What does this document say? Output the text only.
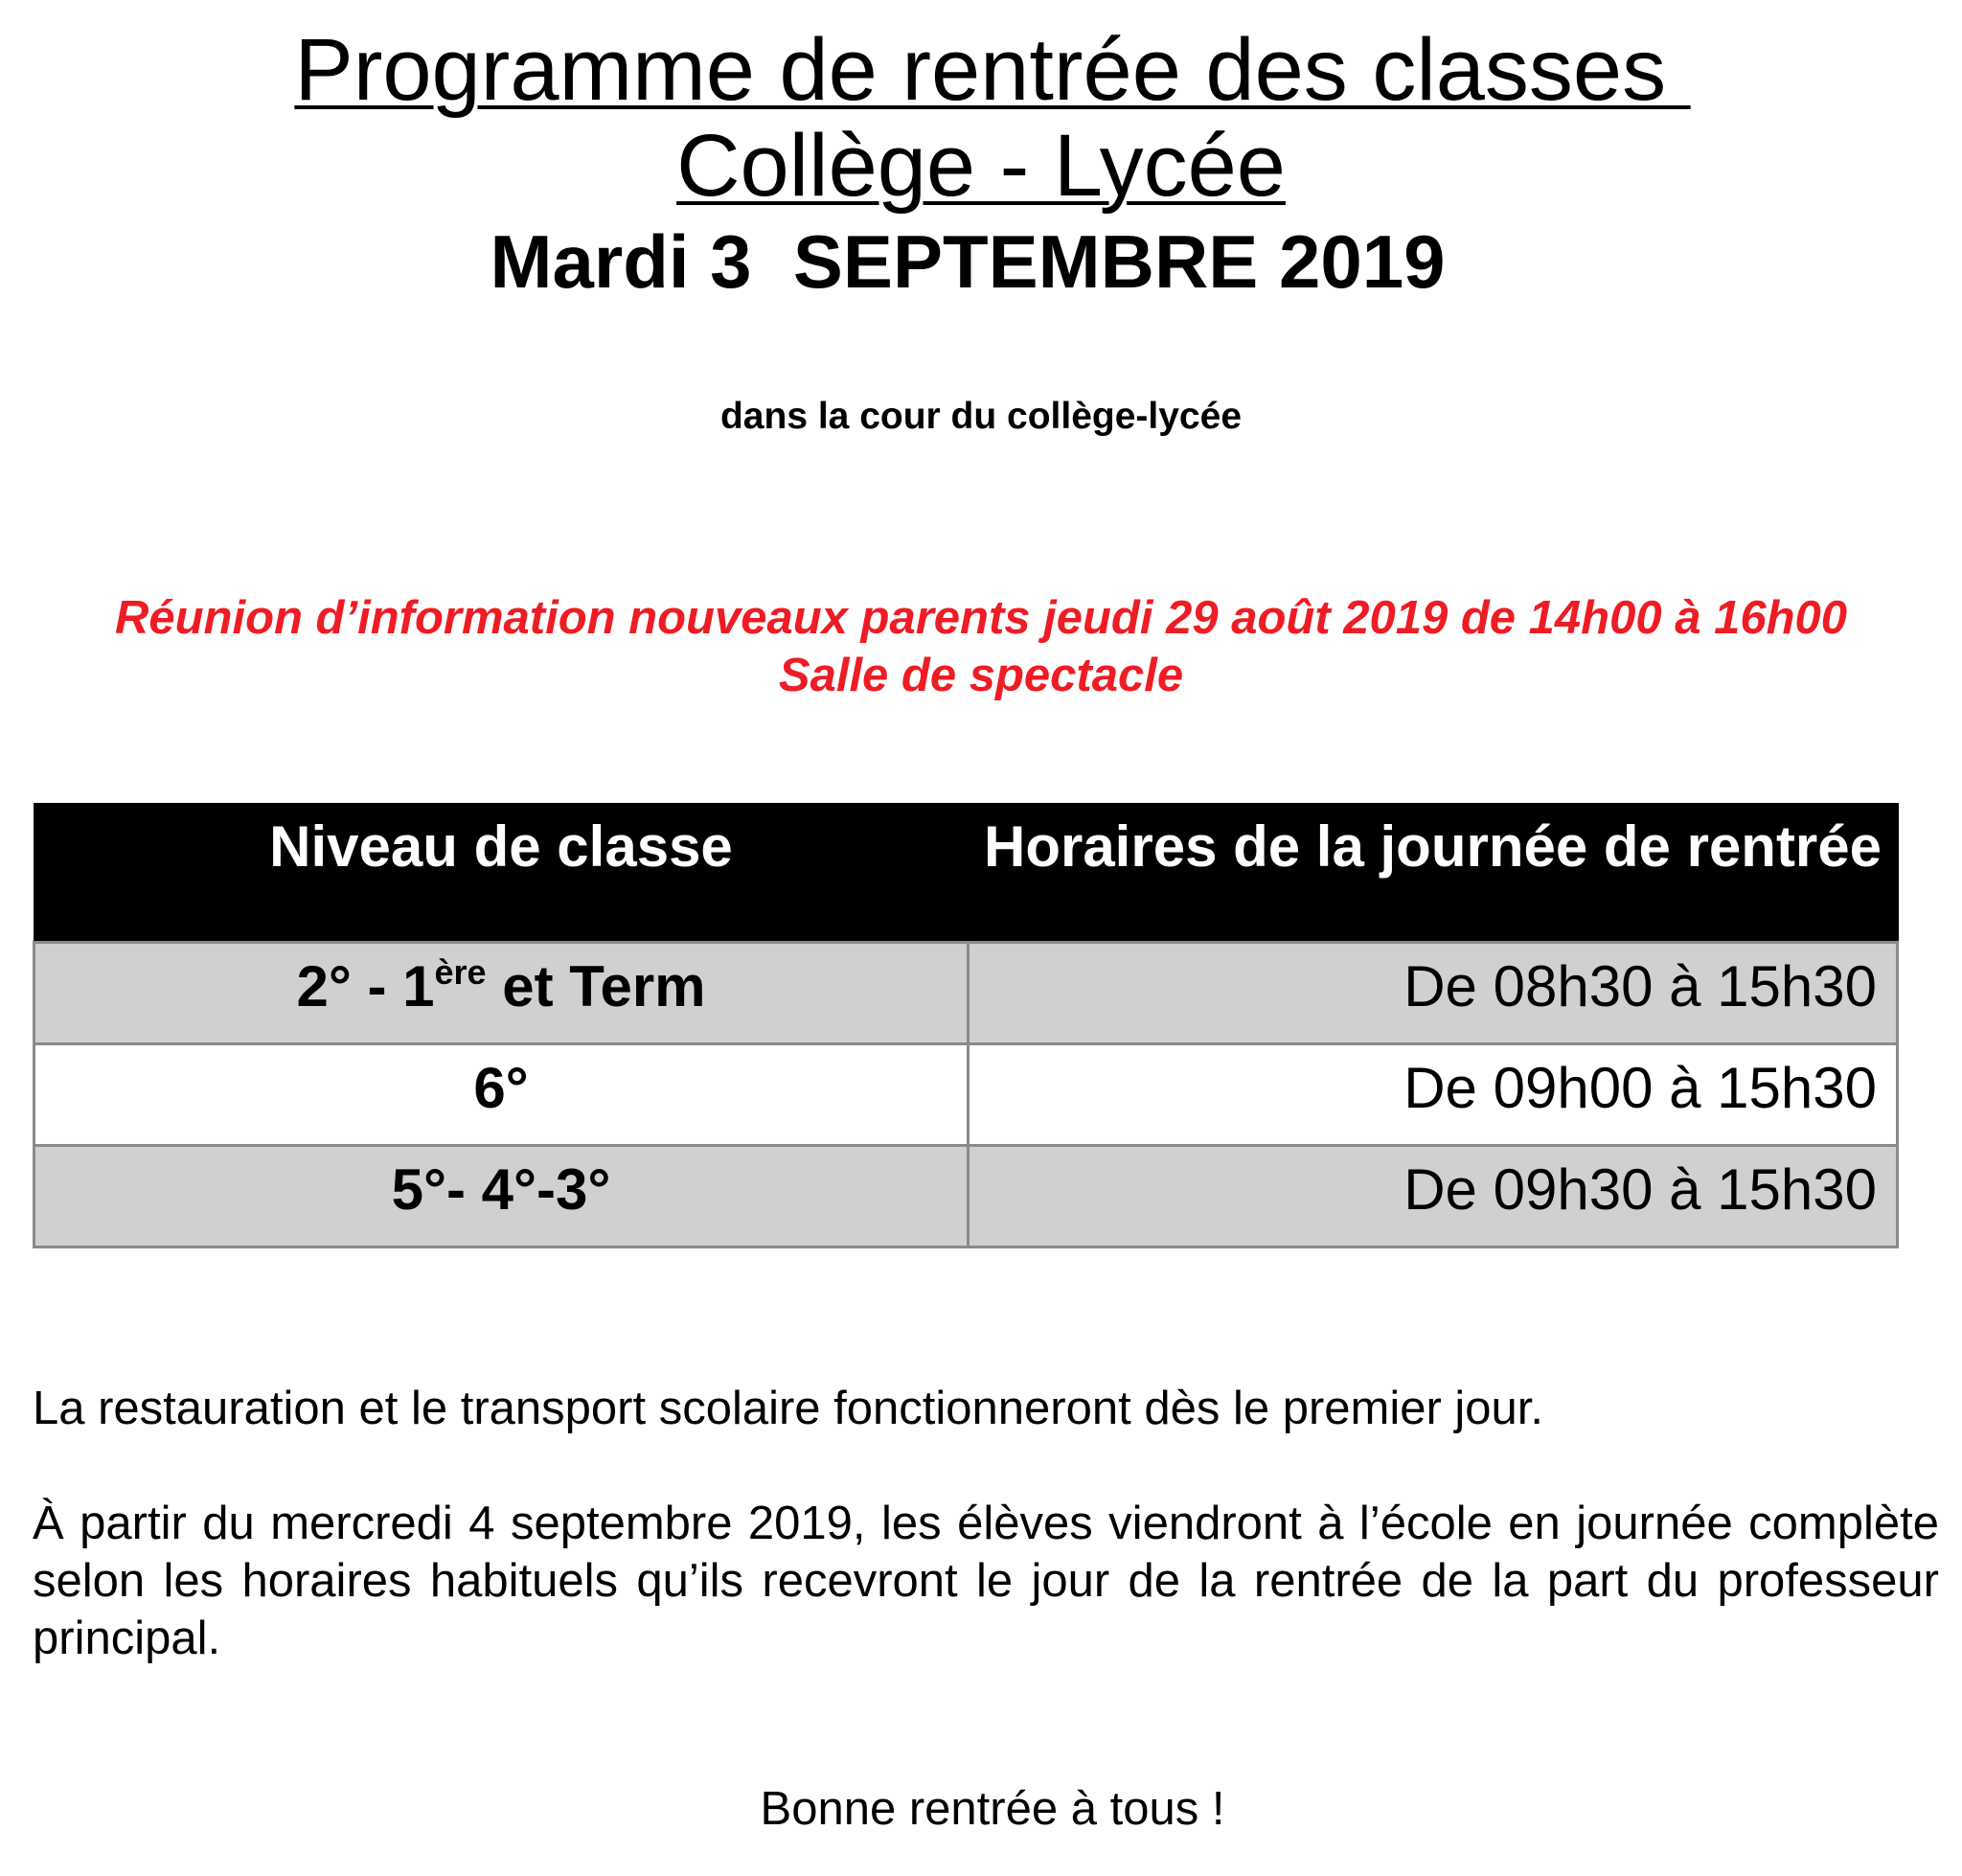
Programme de rentrée des classes
Collège - Lycée
Mardi 3  SEPTEMBRE 2019
dans la cour du collège-lycée
Réunion d’information nouveaux parents jeudi 29 août 2019 de 14h00 à 16h00
Salle de spectacle
Niveau de classe	Horaires de la journée de rentrée
2° - 1ère et Term	De 08h30 à 15h30
6°	De 09h00 à 15h30
5°- 4°-3°	De 09h30 à 15h30
La restauration et le transport scolaire fonctionneront dès le premier jour.
À partir du mercredi 4 septembre 2019, les élèves viendront à l’école en journée complète selon les horaires habituels qu’ils recevront le jour de la rentrée de la part du professeur principal.
Bonne rentrée à tous !
